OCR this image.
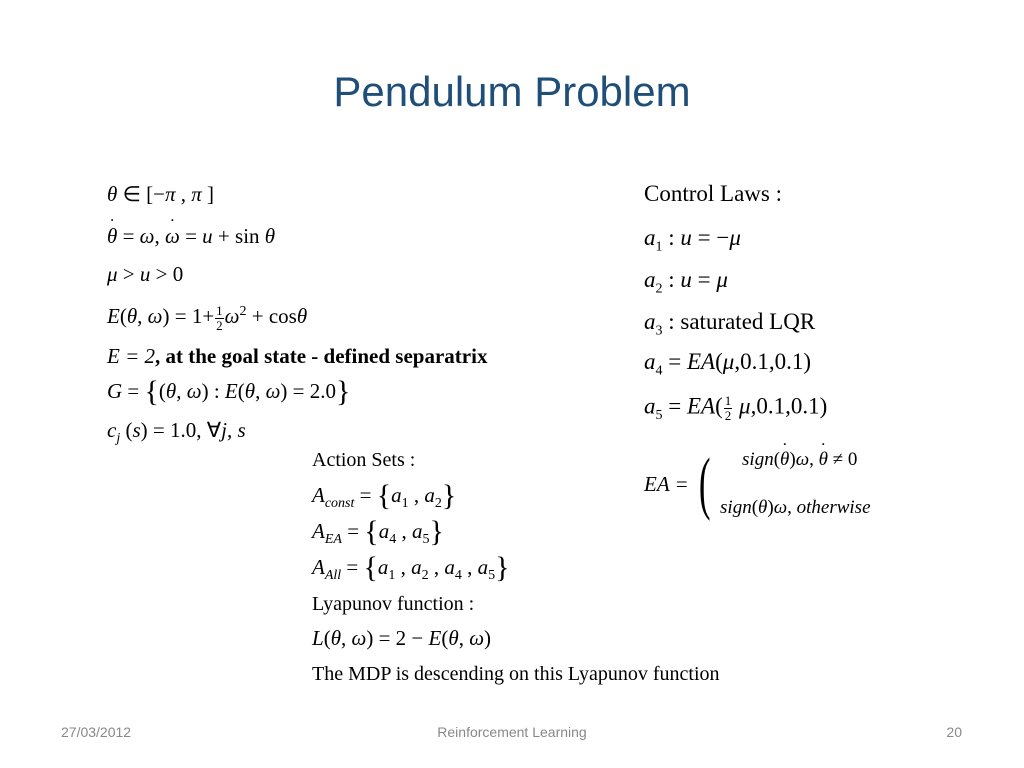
Pendulum Problem
θ ∈ [−π , π ]
˙ θ = ω, ˙ ω = u + sin θ
μ > u > 0
E(θ, $\omega) = 1+ \frac{1}{2} \omega^2 + \cos\theta$
E = 2, at the goal state - defined separatrix
G = {(θ, ω) : E(θ, ω) = 2.0}
$c_j$ (s) = 1.0, ∀j, s
Action Sets :
$A_{const} = \{a_1$ , $a_2$}
$A_{EA} = \{a_4$ , $a_5$}
$A_{All} = \{a_1$ , $a_2$ , $a_4$ , $a_5$}
Lyapunov function :
L(θ, ω) = 2 − E(θ, ω)
The MDP is descending on this Lyapunov function
Control Laws :
$a_1$ : u = −μ
$a_2$ : u = μ
$a_3$ : saturated LQR
$a_4 = EA(\mu,0.1,0.1)$
$a_5 = EA( \frac{1}{2} \mu,0.1,0.1)$
EA = (	sign(˙ θ)ω, ˙ θ ≠ 0
sign(θ)ω, otherwise
27/03/2012	Reinforcement Learning	20
